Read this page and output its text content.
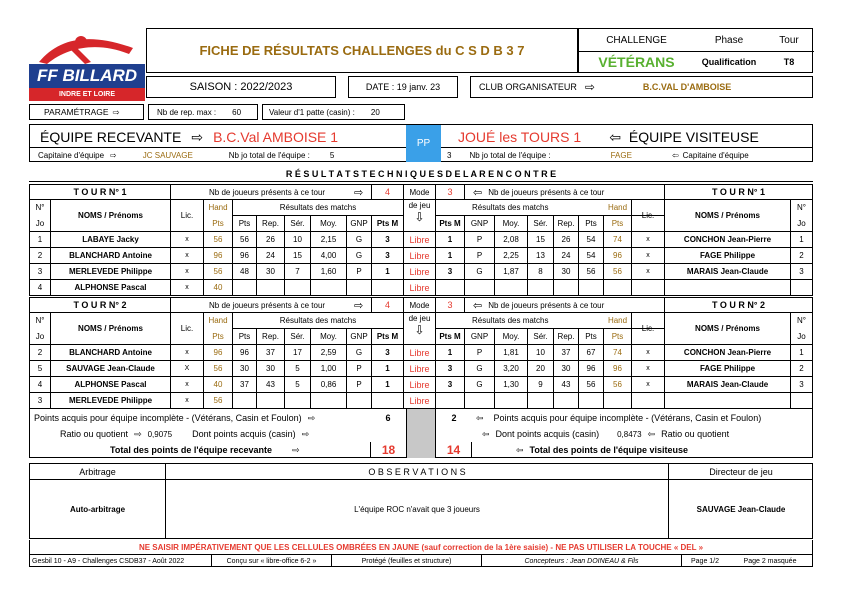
FF BILLARD
INDRE ET LOIRE
FICHE DE RÉSULTATS CHALLENGES du C S D B 3 7
CHALLENGE	Phase	Tour
VÉTÉRANS	Qualification	T8
SAISON : 2022/2023	DATE : 19 janv. 23	CLUB ORGANISATEUR ⇨	B.C.VAL D'AMBOISE
PARAMÉTRAGE ⇨	Nb de rep. max : 60	Valeur d'1 patte (casin) : 20
ÉQUIPE RECEVANTE ⇨ B.C.Val AMBOISE 1	PP	JOUÉ les TOURS 1 ⇦ ÉQUIPE VISITEUSE
Capitaine d'équipe ⇨	JC SAUVAGE	Nb jo total de l'équipe :	5	3 Nb jo total de l'équipe :	FAGE	⇦ Capitaine d'équipe
R É S U L T A T S T E C H N I Q U E S D E L A R E N C O N T R E
T O U R N° 1	Nb de joueurs présents à ce tour	⇨	4	Mode	3	⇦ Nb de joueurs présents à ce tour	T O U R N° 1
N°
Jo
NOMS / Prénoms	Lic.
Hand
Pts
Résultats des matchs
Pts	Rep.	Sér.	Moy.	GNP	Pts M
de jeu
⇩
Résultats des matchs
Pts M	GNP	Moy.	Sér.	Rep.	Pts
Hand
Pts
Lic.	NOMS / Prénoms
N°
Jo
1	LABAYE Jacky	x	56	56	26	10	2,15	G	3	Libre	1	P	2,08	15	26	54	74	x	CONCHON Jean-Pierre	1
2	BLANCHARD Antoine	x	96	96	24	15	4,00	G	3	Libre	1	P	2,25	13	24	54	96	x	FAGE Philippe	2
3	MERLEVEDE Philippe	x	56	48	30	7	1,60	P	1	Libre	3	G	1,87	8	30	56	56	x	MARAIS Jean-Claude	3
4	ALPHONSE Pascal	x	40	Libre
T O U R N° 2	Nb de joueurs présents à ce tour	⇨	4	Mode	3	⇦ Nb de joueurs présents à ce tour	T O U R N° 2
N°
Jo
NOMS / Prénoms	Lic.
Hand
Pts
Résultats des matchs
Pts	Rep.	Sér.	Moy.	GNP	Pts M
de jeu
⇩
Résultats des matchs
Pts M	GNP	Moy.	Sér.	Rep.	Pts
Hand
Pts
Lic.	NOMS / Prénoms
N°
Jo
2	BLANCHARD Antoine	x	96	96	37	17	2,59	G	3	Libre	1	P	1,81	10	37	67	74	x	CONCHON Jean-Pierre	1
5	SAUVAGE Jean-Claude	X	56	30	30	5	1,00	P	1	Libre	3	G	3,20	20	30	96	96	x	FAGE Philippe	2
4	ALPHONSE Pascal	x	40	37	43	5	0,86	P	1	Libre	3	G	1,30	9	43	56	56	x	MARAIS Jean-Claude	3
3	MERLEVEDE Philippe	x	56	Libre
Points acquis pour équipe incomplète - (Vétérans, Casin et Foulon) ⇨	6	2	⇦ Points acquis pour équipe incomplète - (Vétérans, Casin et Foulon)
Ratio ou quotient ⇨ 0,9075 Dont points acquis (casin) ⇨	⇦ Dont points acquis (casin) 0,8473 ⇦ Ratio ou quotient
Total des points de l'équipe recevante ⇨	18	14	⇦ Total des points de l'équipe visiteuse
Arbitrage
Auto-arbitrage
O B S E R V A T I O N S
L'équipe ROC n'avait que 3 joueurs
Directeur de jeu
SAUVAGE Jean-Claude
NE SAISIR IMPÉRATIVEMENT QUE LES CELLULES OMBRÉES EN JAUNE (sauf correction de la 1ère saisie) - NE PAS UTILISER LA TOUCHE « DEL »
Gesbil 10 - A9 - Challenges CSDB37 - Août 2022	Conçu sur « libre-office 6-2 »	Protégé (feuilles et structure)	Concepteurs : Jean DOINEAU & Fils	Page 1/2	Page 2 masquée
